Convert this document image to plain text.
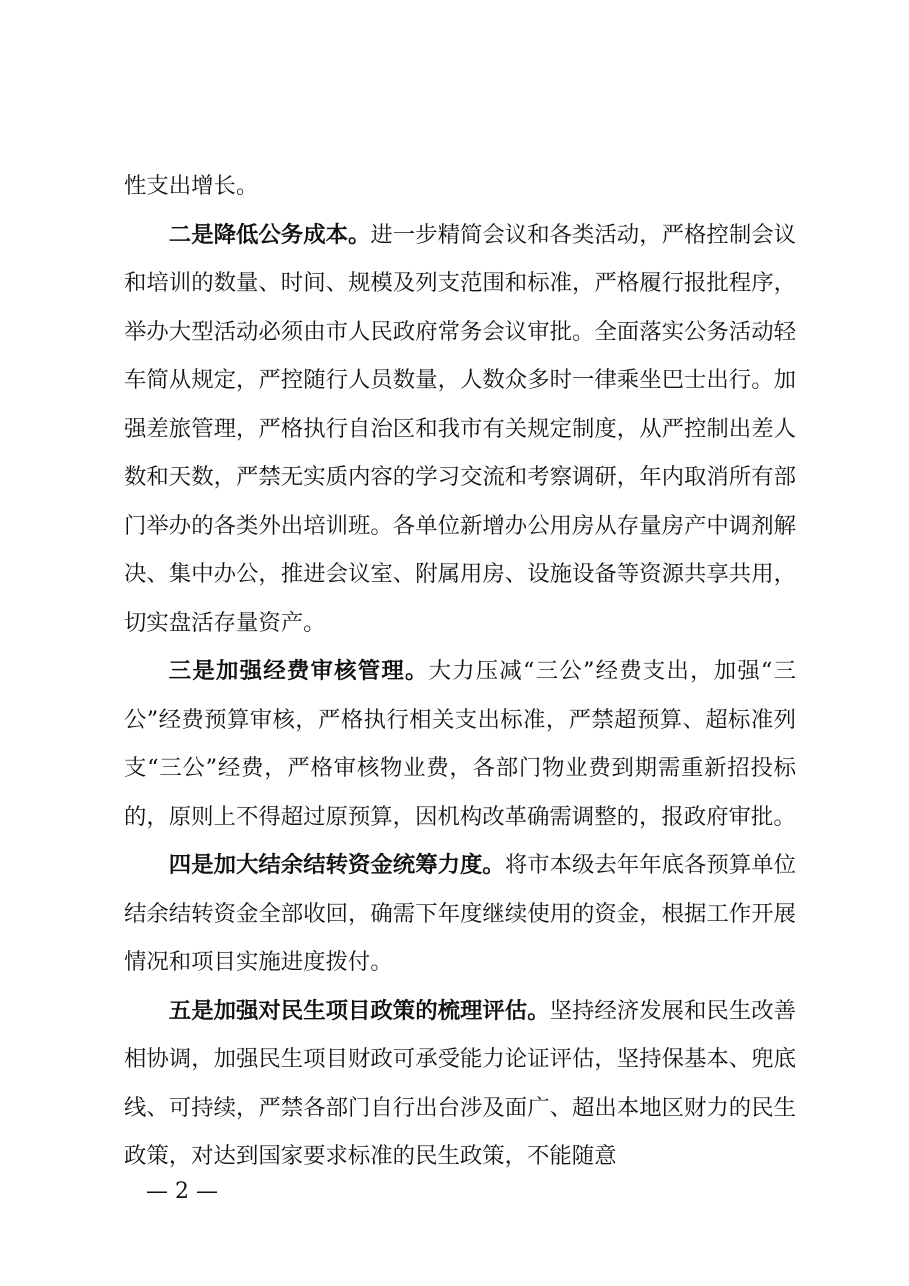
性支出增长。

二是降低公务成本。进一步精简会议和各类活动，严格控制会议和培训的数量、时间、规模及列支范围和标准，严格履行报批程序，举办大型活动必须由市人民政府常务会议审批。全面落实公务活动轻车简从规定，严控随行人员数量，人数众多时一律乘坐巴士出行。加强差旅管理，严格执行自治区和我市有关规定制度，从严控制出差人数和天数，严禁无实质内容的学习交流和考察调研，年内取消所有部门举办的各类外出培训班。各单位新增办公用房从存量房产中调剂解决、集中办公，推进会议室、附属用房、设施设备等资源共享共用，切实盘活存量资产。

三是加强经费审核管理。大力压减“三公”经费支出，加强“三公”经费预算审核，严格执行相关支出标准，严禁超预算、超标准列支“三公”经费，严格审核物业费，各部门物业费到期需重新招投标的，原则上不得超过原预算，因机构改革确需调整的，报政府审批。

四是加大结余结转资金统筹力度。将市本级去年年底各预算单位结余结转资金全部收回，确需下年度继续使用的资金，根据工作开展情况和项目实施进度拨付。

五是加强对民生项目政策的梳理评估。坚持经济发展和民生改善相协调，加强民生项目财政可承受能力论证评估，坚持保基本、兜底线、可持续，严禁各部门自行出台涉及面广、超出本地区财力的民生政策，对达到国家要求标准的民生政策，不能随意

— 2 —
